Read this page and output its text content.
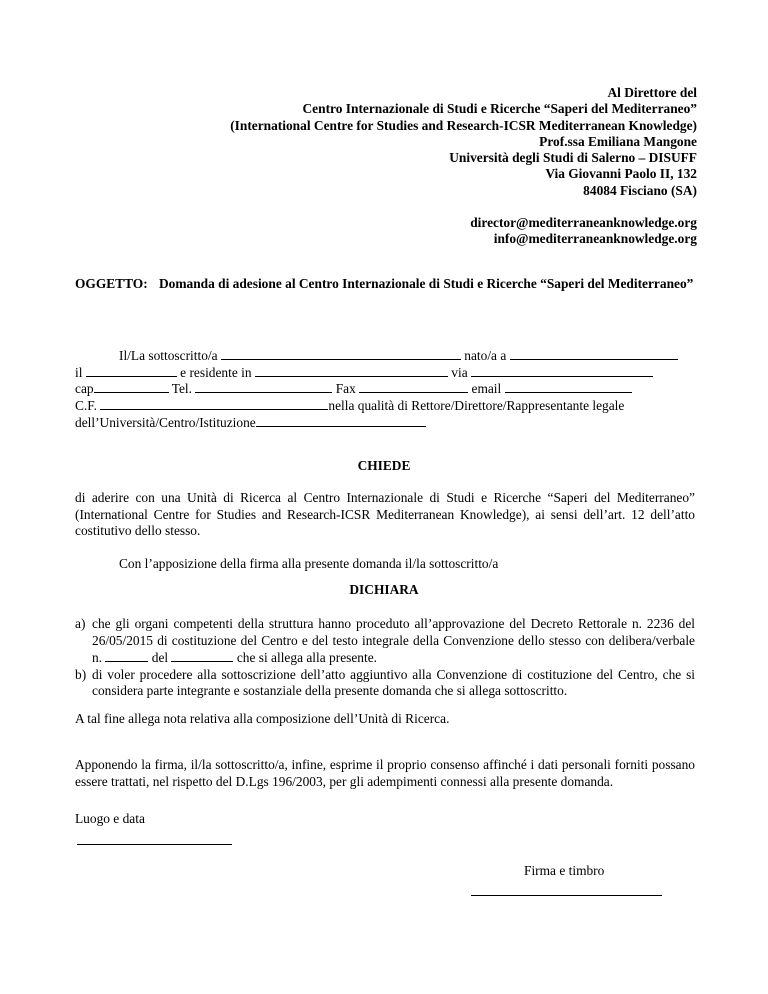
Al Direttore del
Centro Internazionale di Studi e Ricerche “Saperi del Mediterraneo”
(International Centre for Studies and Research-ICSR Mediterranean Knowledge)
Prof.ssa Emiliana Mangone
Università degli Studi di Salerno – DISUFF
Via Giovanni Paolo II, 132
84084 Fisciano (SA)
director@mediterraneanknowledge.org
info@mediterraneanknowledge.org
OGGETTO: Domanda di adesione al Centro Internazionale di Studi e Ricerche “Saperi del Mediterraneo”
Il/La sottoscritto/a	nato/a a
il	e residente in	via
cap	Tel.	Fax	email
C.F.	nella qualità di Rettore/Direttore/Rappresentante legale
dell’Università/Centro/Istituzione
CHIEDE
di aderire con una Unità di Ricerca al Centro Internazionale di Studi e Ricerche “Saperi del Mediterraneo” (International Centre for Studies and Research-ICSR Mediterranean Knowledge), ai sensi dell’art. 12 dell’atto costitutivo dello stesso.
Con l’apposizione della firma alla presente domanda il/la sottoscritto/a
DICHIARA
a) che gli organi competenti della struttura hanno proceduto all’approvazione del Decreto Rettorale n. 2236 del 26/05/2015 di costituzione del Centro e del testo integrale della Convenzione dello stesso con delibera/verbale n.	del	che si allega alla presente.
b) di voler procedere alla sottoscrizione dell’atto aggiuntivo alla Convenzione di costituzione del Centro, che si considera parte integrante e sostanziale della presente domanda che si allega sottoscritto.
A tal fine allega nota relativa alla composizione dell’Unità di Ricerca.
Apponendo la firma, il/la sottoscritto/a, infine, esprime il proprio consenso affinché i dati personali forniti possano essere trattati, nel rispetto del D.Lgs 196/2003, per gli adempimenti connessi alla presente domanda.
Luogo e data
Firma e timbro
